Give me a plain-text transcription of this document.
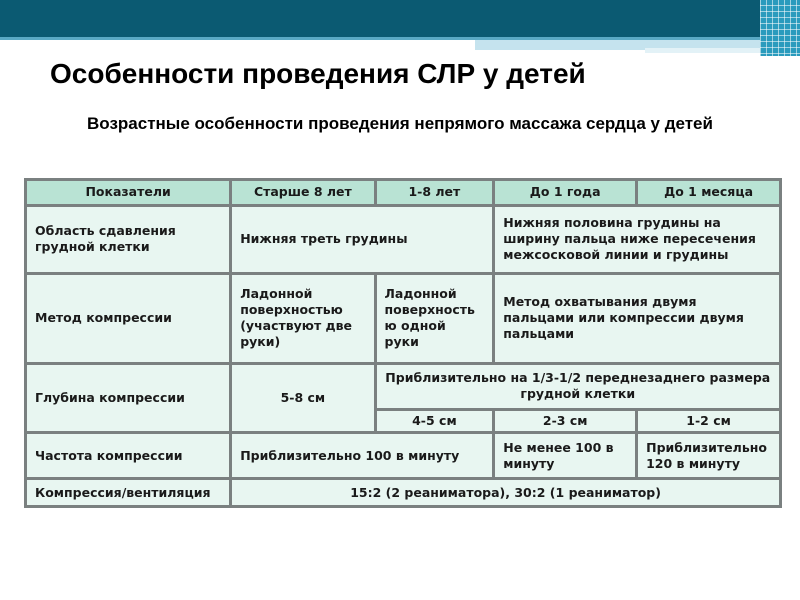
Особенности проведения СЛР у детей
Возрастные особенности проведения непрямого массажа сердца у детей
Показатели	Старше 8 лет	1-8 лет	До 1 года	До 1 месяца
Область сдавления грудной клетки	Нижняя треть грудины		Нижняя половина грудины на ширину пальца ниже пересечения межсосковой линии и грудины	
Метод компрессии	Ладонной поверхностью (участвуют две руки)	Ладонной поверхность ю одной руки	Метод охватывания двумя пальцами или компрессии двумя пальцами	
Глубина компрессии	5-8 см	Приблизительно на 1/3-1/2 переднезаднего размера грудной клетки		
		4-5 см	2-3 см	1-2 см
Частота компрессии	Приблизительно 100 в минуту		Не менее 100 в минуту	Приблизительно 120 в минуту
Компрессия/вентиляция	15:2 (2 реаниматора), 30:2 (1 реаниматор)			
